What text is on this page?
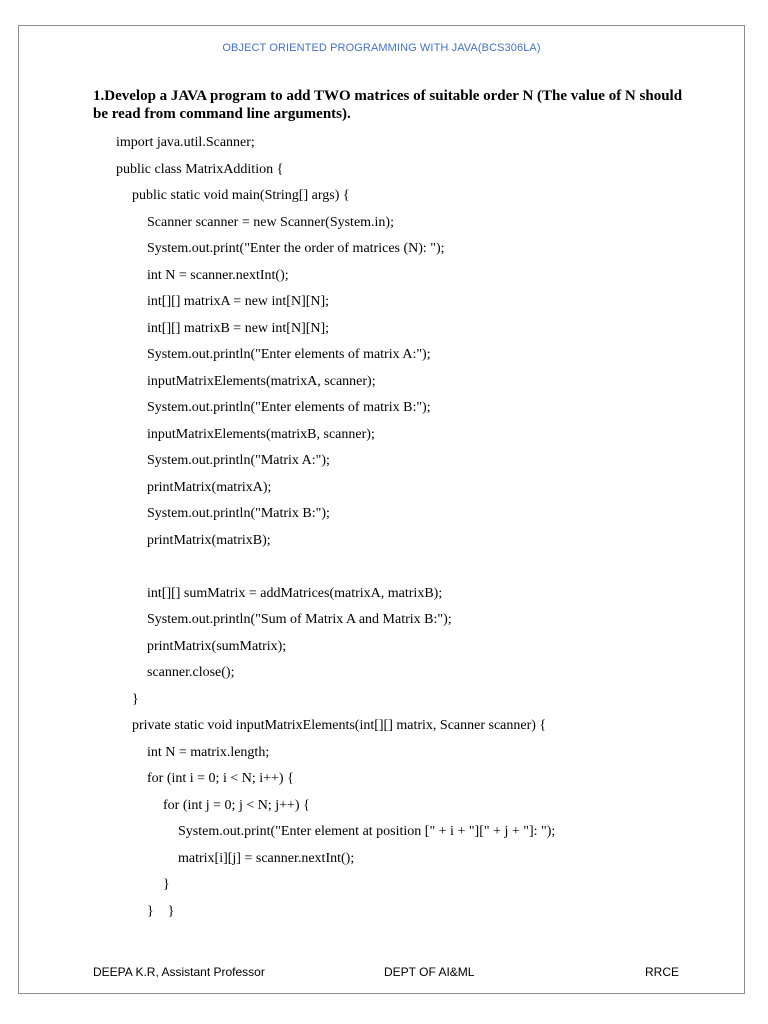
OBJECT ORIENTED PROGRAMMING WITH JAVA(BCS306LA)
1.Develop a JAVA program to add TWO matrices of suitable order N (The value of N should be read from command line arguments).
import java.util.Scanner;
public class MatrixAddition {
public static void main(String[] args) {
Scanner scanner = new Scanner(System.in);
System.out.print("Enter the order of matrices (N): ");
int N = scanner.nextInt();
int[][] matrixA = new int[N][N];
int[][] matrixB = new int[N][N];
System.out.println("Enter elements of matrix A:");
inputMatrixElements(matrixA, scanner);
System.out.println("Enter elements of matrix B:");
inputMatrixElements(matrixB, scanner);
System.out.println("Matrix A:");
printMatrix(matrixA);
System.out.println("Matrix B:");
printMatrix(matrixB);
int[][] sumMatrix = addMatrices(matrixA, matrixB);
System.out.println("Sum of Matrix A and Matrix B:");
printMatrix(sumMatrix);
scanner.close();
}
private static void inputMatrixElements(int[][] matrix, Scanner scanner) {
int N = matrix.length;
for (int i = 0; i < N; i++) {
for (int j = 0; j < N; j++) {
System.out.print("Enter element at position [" + i + "][" + j + "]: ");
matrix[i][j] = scanner.nextInt();
}
}    }
DEEPA K.R, Assistant Professor	DEPT OF AI&ML	RRCE
